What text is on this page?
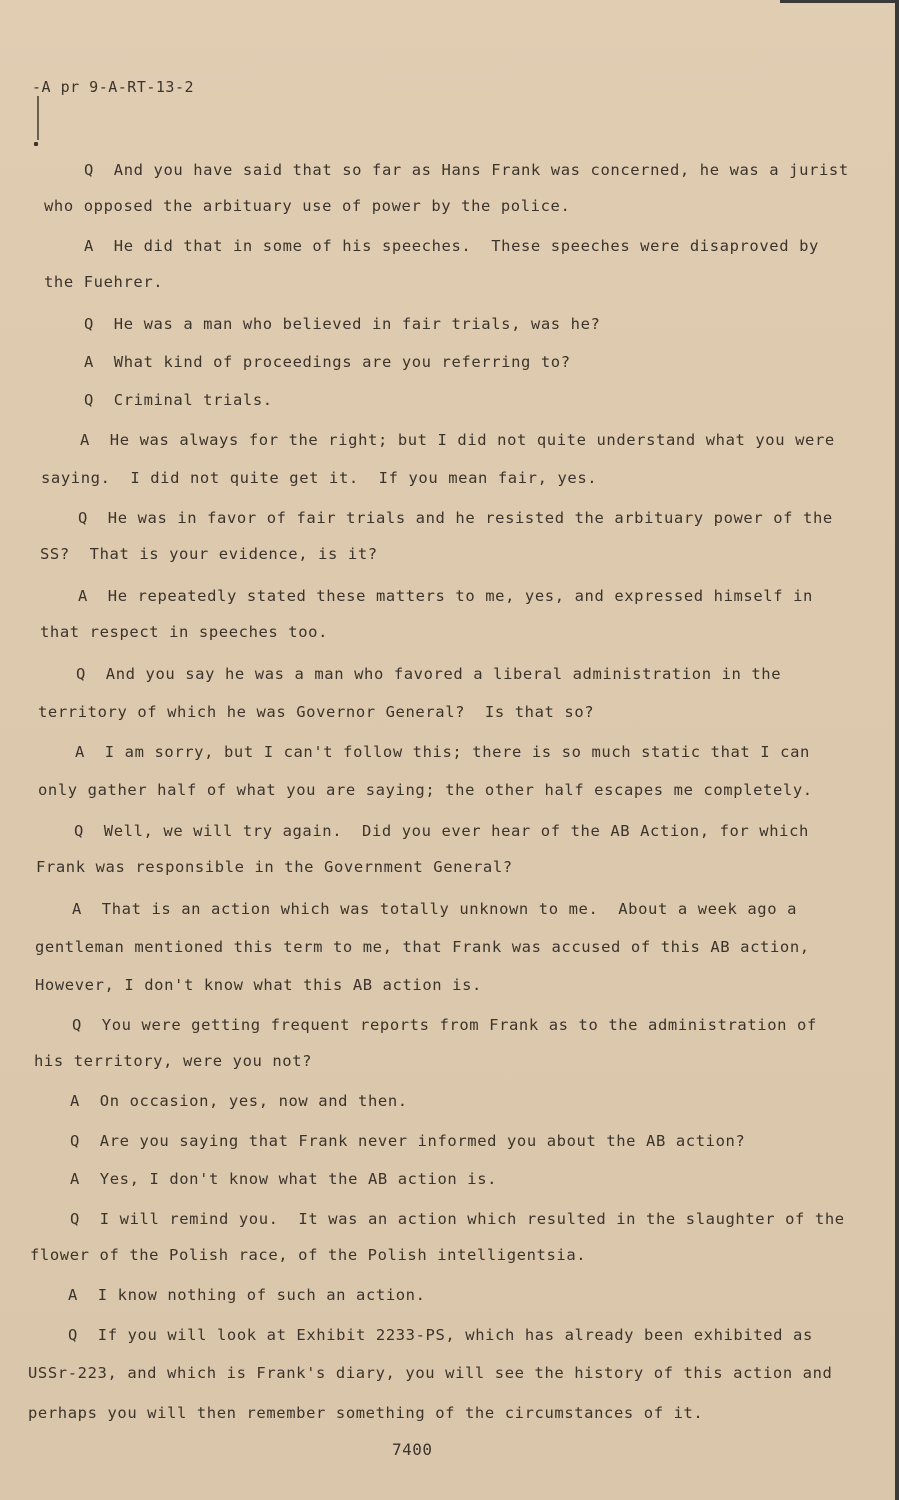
-A pr 9-A-RT-13-2
Q  And you have said that so far as Hans Frank was concerned, he was a jurist
who opposed the arbituary use of power by the police.
A  He did that in some of his speeches.  These speeches were disaproved by
the Fuehrer.
Q  He was a man who believed in fair trials, was he?
A  What kind of proceedings are you referring to?
Q  Criminal trials.
A  He was always for the right; but I did not quite understand what you were
saying.  I did not quite get it.  If you mean fair, yes.
Q  He was in favor of fair trials and he resisted the arbituary power of the
SS?  That is your evidence, is it?
A  He repeatedly stated these matters to me, yes, and expressed himself in
that respect in speeches too.
Q  And you say he was a man who favored a liberal administration in the
territory of which he was Governor General?  Is that so?
A  I am sorry, but I can't follow this; there is so much static that I can
only gather half of what you are saying; the other half escapes me completely.
Q  Well, we will try again.  Did you ever hear of the AB Action, for which
Frank was responsible in the Government General?
A  That is an action which was totally unknown to me.  About a week ago a
gentleman mentioned this term to me, that Frank was accused of this AB action,
However, I don't know what this AB action is.
Q  You were getting frequent reports from Frank as to the administration of
his territory, were you not?
A  On occasion, yes, now and then.
Q  Are you saying that Frank never informed you about the AB action?
A  Yes, I don't know what the AB action is.
Q  I will remind you.  It was an action which resulted in the slaughter of the
flower of the Polish race, of the Polish intelligentsia.
A  I know nothing of such an action.
Q  If you will look at Exhibit 2233-PS, which has already been exhibited as
USSr-223, and which is Frank's diary, you will see the history of this action and
perhaps you will then remember something of the circumstances of it.
7400
